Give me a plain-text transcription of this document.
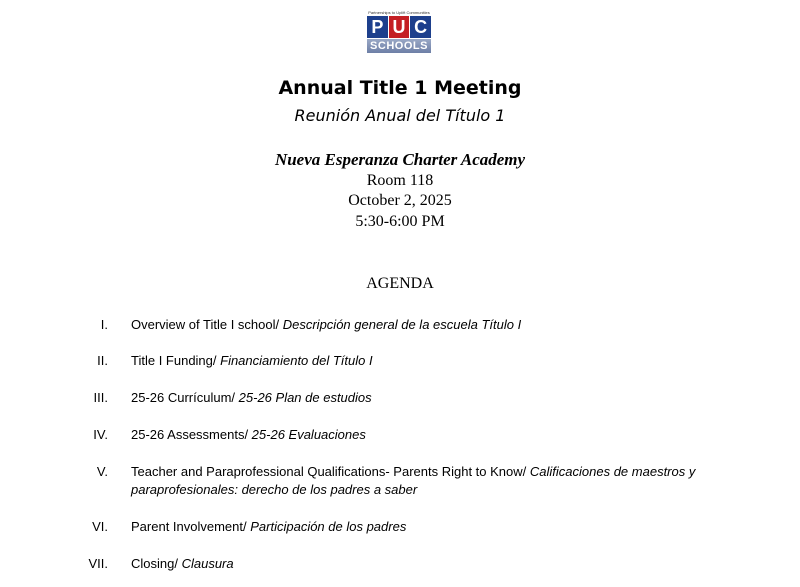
Partnerships to Uplift Communities
P U C
SCHOOLS
Annual Title 1 Meeting
Reunión Anual del Título 1
Nueva Esperanza Charter Academy
Room 118
October 2, 2025
5:30-6:00 PM
AGENDA
I. Overview of Title I school/ Descripción general de la escuela Título I
II. Title I Funding/ Financiamiento del Título I
III. 25-26 Currículum/ 25-26 Plan de estudios
IV. 25-26 Assessments/ 25-26 Evaluaciones
V. Teacher and Paraprofessional Qualifications- Parents Right to Know/ Calificaciones de maestros y paraprofesionales: derecho de los padres a saber
VI. Parent Involvement/ Participación de los padres
VII. Closing/ Clausura
